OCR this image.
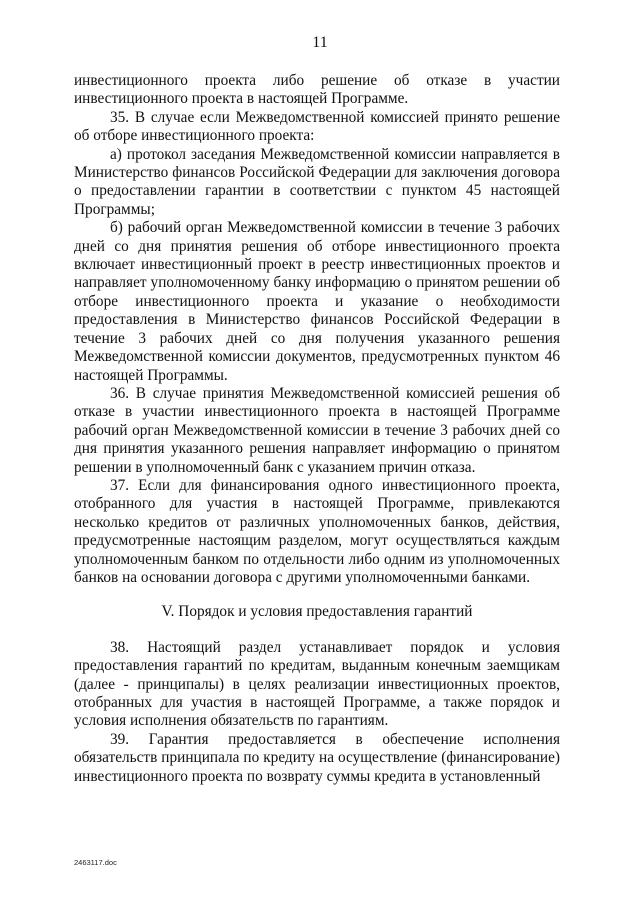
11

инвестиционного проекта либо решение об отказе в участии инвестиционного проекта в настоящей Программе.

35. В случае если Межведомственной комиссией принято решение об отборе инвестиционного проекта:

а) протокол заседания Межведомственной комиссии направляется в Министерство финансов Российской Федерации для заключения договора о предоставлении гарантии в соответствии с пунктом 45 настоящей Программы;

б) рабочий орган Межведомственной комиссии в течение 3 рабочих дней со дня принятия решения об отборе инвестиционного проекта включает инвестиционный проект в реестр инвестиционных проектов и направляет уполномоченному банку информацию о принятом решении об отборе инвестиционного проекта и указание о необходимости предоставления в Министерство финансов Российской Федерации в течение 3 рабочих дней со дня получения указанного решения Межведомственной комиссии документов, предусмотренных пунктом 46 настоящей Программы.

36. В случае принятия Межведомственной комиссией решения об отказе в участии инвестиционного проекта в настоящей Программе рабочий орган Межведомственной комиссии в течение 3 рабочих дней со дня принятия указанного решения направляет информацию о принятом решении в уполномоченный банк с указанием причин отказа.

37. Если для финансирования одного инвестиционного проекта, отобранного для участия в настоящей Программе, привлекаются несколько кредитов от различных уполномоченных банков, действия, предусмотренные настоящим разделом, могут осуществляться каждым уполномоченным банком по отдельности либо одним из уполномоченных банков на основании договора с другими уполномоченными банками.

V. Порядок и условия предоставления гарантий

38. Настоящий раздел устанавливает порядок и условия предоставления гарантий по кредитам, выданным конечным заемщикам (далее - принципалы) в целях реализации инвестиционных проектов, отобранных для участия в настоящей Программе, а также порядок и условия исполнения обязательств по гарантиям.

39. Гарантия предоставляется в обеспечение исполнения обязательств принципала по кредиту на осуществление (финансирование) инвестиционного проекта по возврату суммы кредита в установленный

2463117.doc
